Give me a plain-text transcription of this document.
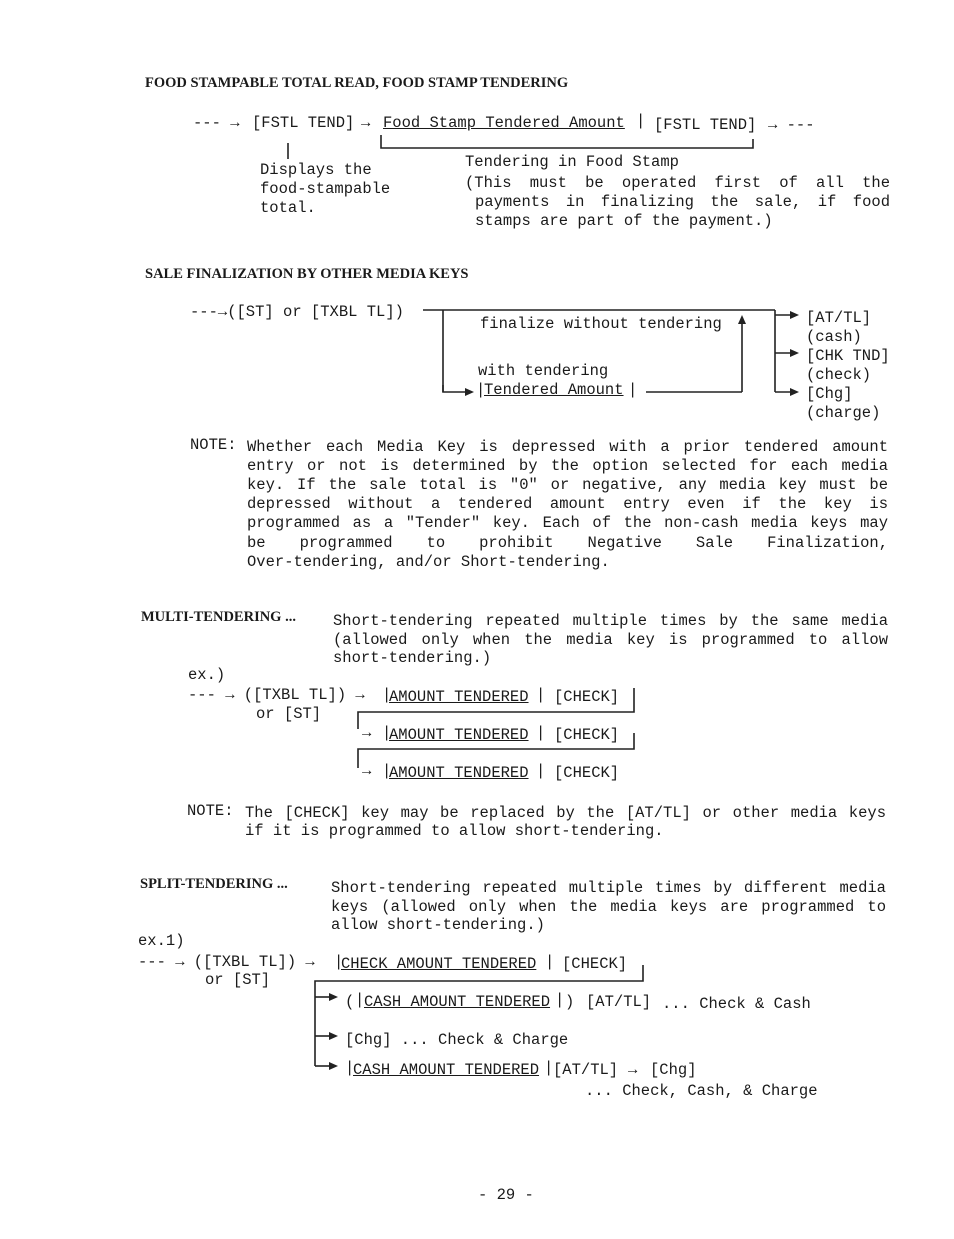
FOOD STAMPABLE TOTAL READ, FOOD STAMP TENDERING
--- → [FSTL TEND] → Food Stamp Tendered Amount | [FSTL TEND] → ---
Displays the
food-stampable
total.
Tendering in Food Stamp
(This must be operated first of all the
payments in finalizing the sale, if food
stamps are part of the payment.)
SALE FINALIZATION BY OTHER MEDIA KEYS
---→([ST] or [TXBL TL])
finalize without tendering
with tendering
|
Tendered Amount |
[AT/TL]
(cash)
[CHK TND]
(check)
[Chg]
(charge)
NOTE: Whether each Media Key is depressed with a prior tendered amount
entry or not is determined by the option selected for each media
key. If the sale total is "0" or negative, any media key must be
depressed without a tendered amount entry even if the key is
programmed as a "Tender" key. Each of the non-cash media keys may
be programmed to prohibit Negative Sale Finalization,
Over-tendering, and/or Short-tendering.
MULTI-TENDERING ... Short-tendering repeated multiple times by the same media
(allowed only when the media key is programmed to allow
short-tendering.)
ex.)
--- → ([TXBL TL]) →
or [ST]
|
AMOUNT TENDERED | [CHECK]
→ |
AMOUNT TENDERED | [CHECK]
→ |
AMOUNT TENDERED | [CHECK]
NOTE: The [CHECK] key may be replaced by the [AT/TL] or other media keys
if it is programmed to allow short-tendering.
SPLIT-TENDERING ...	Short-tendering repeated multiple times by different media
keys (allowed only when the media keys are programmed to
allow short-tendering.)
ex.1)
--- → ([TXBL TL]) →
or [ST]
|
CHECK AMOUNT TENDERED | [CHECK]
( | CASH AMOUNT TENDERED | ) [AT/TL] ... Check & Cash
[Chg] ... Check & Charge
|
CASH AMOUNT TENDERED | [AT/TL] → [Chg]
... Check, Cash, & Charge
- 29 -
